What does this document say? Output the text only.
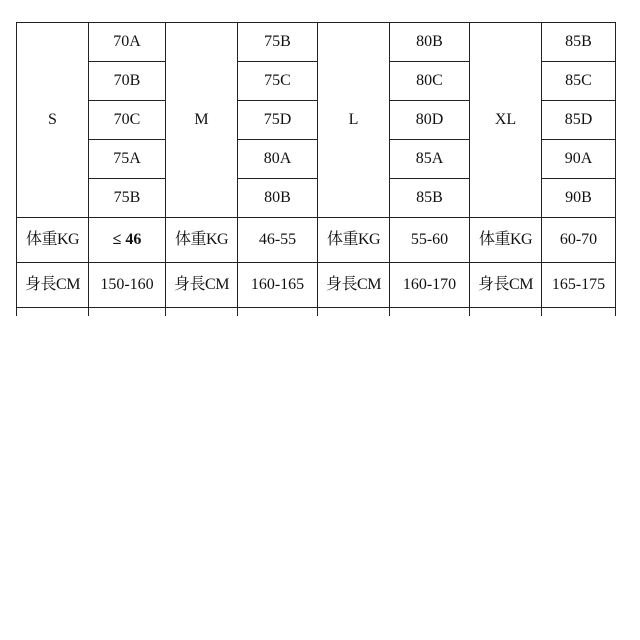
S	70A	M	75B	L	80B	XL	85B
	70B		75C		80C		85C
	70C		75D		80D		85D
	75A		80A		85A		90A
	75B		80B		85B		90B
体重KG	≤ 46	体重KG	46-55	体重KG	55-60	体重KG	60-70
身長CM	150-160	身長CM	160-165	身長CM	160-170	身長CM	165-175
